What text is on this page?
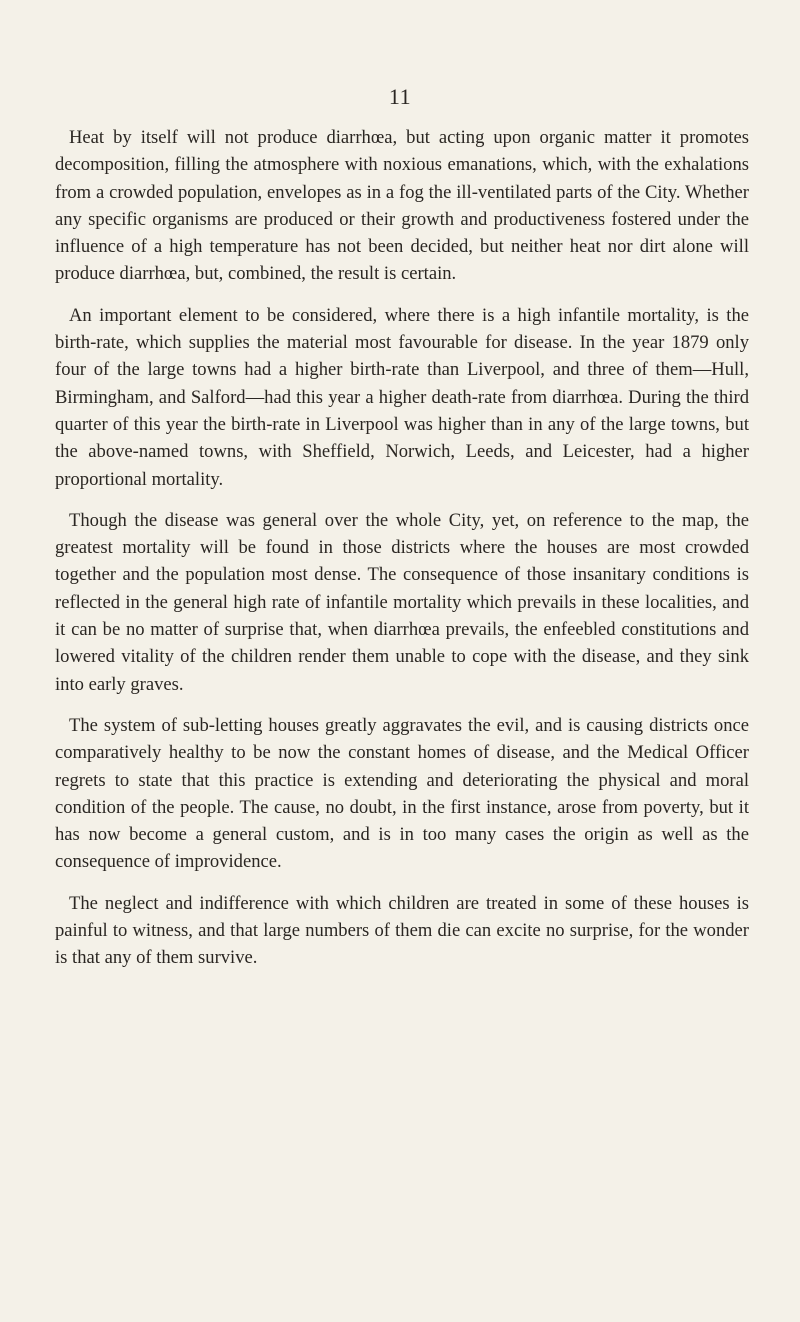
11

Heat by itself will not produce diarrhœa, but acting upon organic matter it promotes decomposition, filling the atmosphere with noxious emanations, which, with the exhalations from a crowded population, envelopes as in a fog the ill-ventilated parts of the City. Whether any specific organisms are produced or their growth and productiveness fostered under the influence of a high temperature has not been decided, but neither heat nor dirt alone will produce diarrhœa, but, combined, the result is certain.

An important element to be considered, where there is a high infantile mortality, is the birth-rate, which supplies the material most favourable for disease. In the year 1879 only four of the large towns had a higher birth-rate than Liverpool, and three of them—Hull, Birmingham, and Salford—had this year a higher death-rate from diarrhœa. During the third quarter of this year the birth-rate in Liverpool was higher than in any of the large towns, but the above-named towns, with Sheffield, Norwich, Leeds, and Leicester, had a higher proportional mortality.

Though the disease was general over the whole City, yet, on reference to the map, the greatest mortality will be found in those districts where the houses are most crowded together and the population most dense. The consequence of those insanitary conditions is reflected in the general high rate of infantile mortality which prevails in these localities, and it can be no matter of surprise that, when diarrhœa prevails, the enfeebled constitutions and lowered vitality of the children render them unable to cope with the disease, and they sink into early graves.

The system of sub-letting houses greatly aggravates the evil, and is causing districts once comparatively healthy to be now the constant homes of disease, and the Medical Officer regrets to state that this practice is extending and deteriorating the physical and moral condition of the people. The cause, no doubt, in the first instance, arose from poverty, but it has now become a general custom, and is in too many cases the origin as well as the consequence of improvidence.

The neglect and indifference with which children are treated in some of these houses is painful to witness, and that large numbers of them die can excite no surprise, for the wonder is that any of them survive.
